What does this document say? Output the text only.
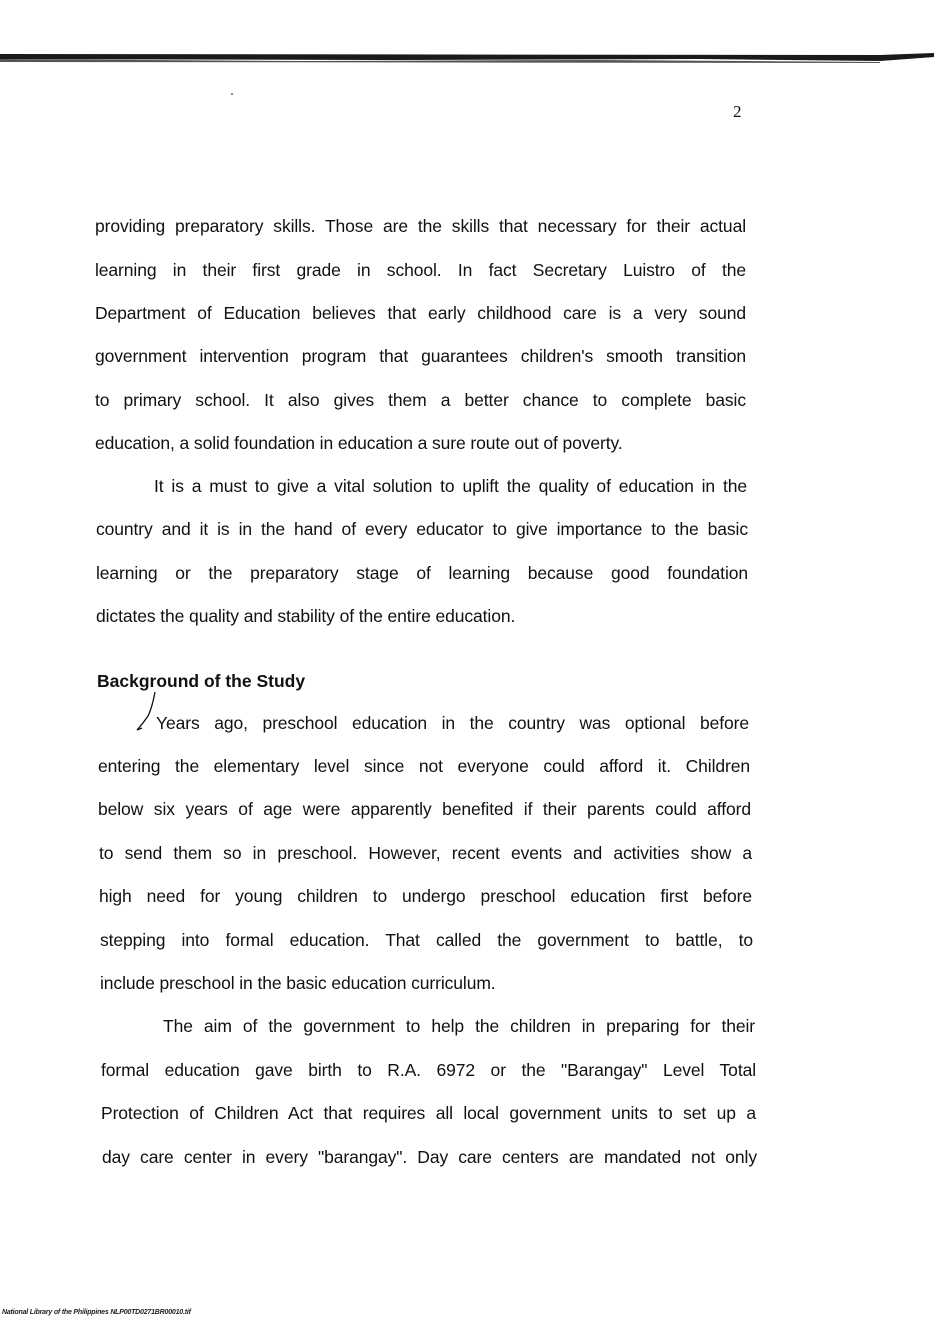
2
providing preparatory skills. Those are the skills that necessary for their actual
learning in their first grade in school. In fact Secretary Luistro of the
Department of Education believes that early childhood care is a very sound
government intervention program that guarantees children's smooth transition
to primary school. It also gives them a better chance to complete basic
education, a solid foundation in education a sure route out of poverty.
It is a must to give a vital solution to uplift the quality of education in the
country and it is in the hand of every educator to give importance to the basic
learning or the preparatory stage of learning because good foundation
dictates the quality and stability of the entire education.
Background of the Study
Years ago, preschool education in the country was optional before
entering the elementary level since not everyone could afford it. Children
below six years of age were apparently benefited if their parents could afford
to send them so in preschool. However, recent events and activities show a
high need for young children to undergo preschool education first before
stepping into formal education. That called the government to battle, to
include preschool in the basic education curriculum.
The aim of the government to help the children in preparing for their
formal education gave birth to R.A. 6972 or the "Barangay" Level Total
Protection of Children Act that requires all local government units to set up a
day care center in every "barangay". Day care centers are mandated not only
National Library of the Philippines NLP00TD0271BR00010.tif
